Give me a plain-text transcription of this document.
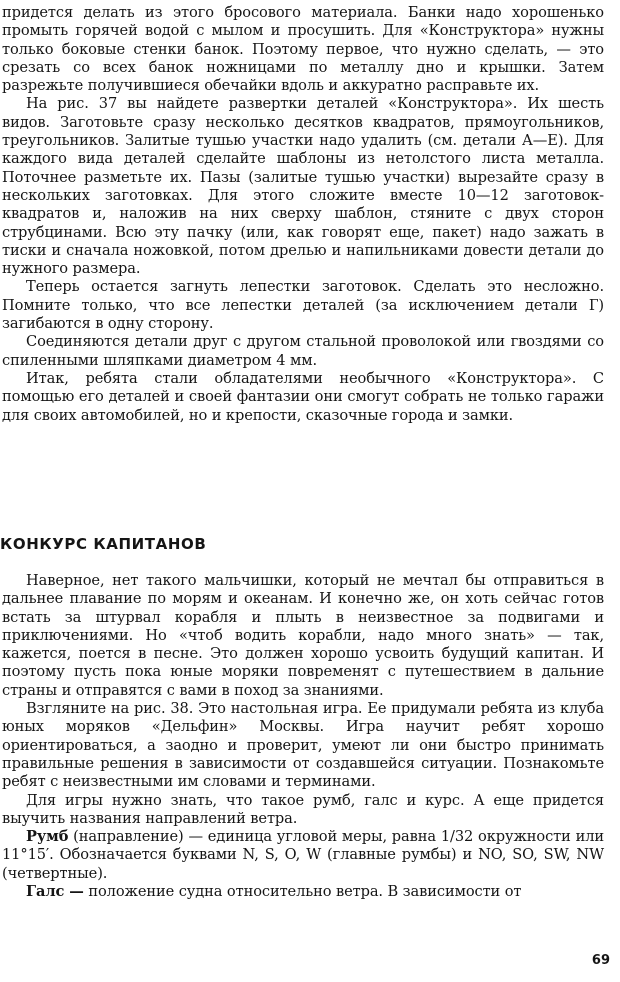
придется делать из этого бросового материала. Банки надо хорошенько промыть горячей водой с мылом и просушить. Для «Конструктора» нужны только боковые стенки банок. Поэтому первое, что нужно сделать, — это срезать со всех банок ножницами по металлу дно и крышки. Затем разрежьте получившиеся обечайки вдоль и аккуратно расправьте их.

На рис. 37 вы найдете развертки деталей «Конструктора». Их шесть видов. Заготовьте сразу несколько десятков квадратов, прямоугольников, треугольников. Залитые тушью участки надо удалить (см. детали А—Е). Для каждого вида деталей сделайте шаблоны из нетолстого листа металла. Поточнее разметьте их. Пазы (залитые тушью участки) вырезайте сразу в нескольких заготовках. Для этого сложите вместе 10—12 заготовок-квадратов и, наложив на них сверху шаблон, стяните с двух сторон струбцинами. Всю эту пачку (или, как говорят еще, пакет) надо зажать в тиски и сначала ножовкой, потом дрелью и напильниками довести детали до нужного размера.

Теперь остается загнуть лепестки заготовок. Сделать это несложно. Помните только, что все лепестки деталей (за исключением детали Г) загибаются в одну сторону.

Соединяются детали друг с другом стальной проволокой или гвоздями со спиленными шляпками диаметром 4 мм.

Итак, ребята стали обладателями необычного «Конструктора». С помощью его деталей и своей фантазии они смогут собрать не только гаражи для своих автомобилей, но и крепости, сказочные города и замки.

КОНКУРС КАПИТАНОВ

Наверное, нет такого мальчишки, который не мечтал бы отправиться в дальнее плавание по морям и океанам. И конечно же, он хоть сейчас готов встать за штурвал корабля и плыть в неизвестное за подвигами и приключениями. Но «чтоб водить корабли, надо много знать» — так, кажется, поется в песне. Это должен хорошо усвоить будущий капитан. И поэтому пусть пока юные моряки повременят с путешествием в дальние страны и отправятся с вами в поход за знаниями.

Взгляните на рис. 38. Это настольная игра. Ее придумали ребята из клуба юных моряков «Дельфин» Москвы. Игра научит ребят хорошо ориентироваться, а заодно и проверит, умеют ли они быстро принимать правильные решения в зависимости от создавшейся ситуации. Познакомьте ребят с неизвестными им словами и терминами.

Для игры нужно знать, что такое румб, галс и курс. А еще придется выучить названия направлений ветра.

Румб (направление) — единица угловой меры, равна 1/32 окружности или 11°15′. Обозначается буквами N, S, O, W (главные румбы) и NO, SO, SW, NW (четвертные).

Галс — положение судна относительно ветра. В зависимости от

69
